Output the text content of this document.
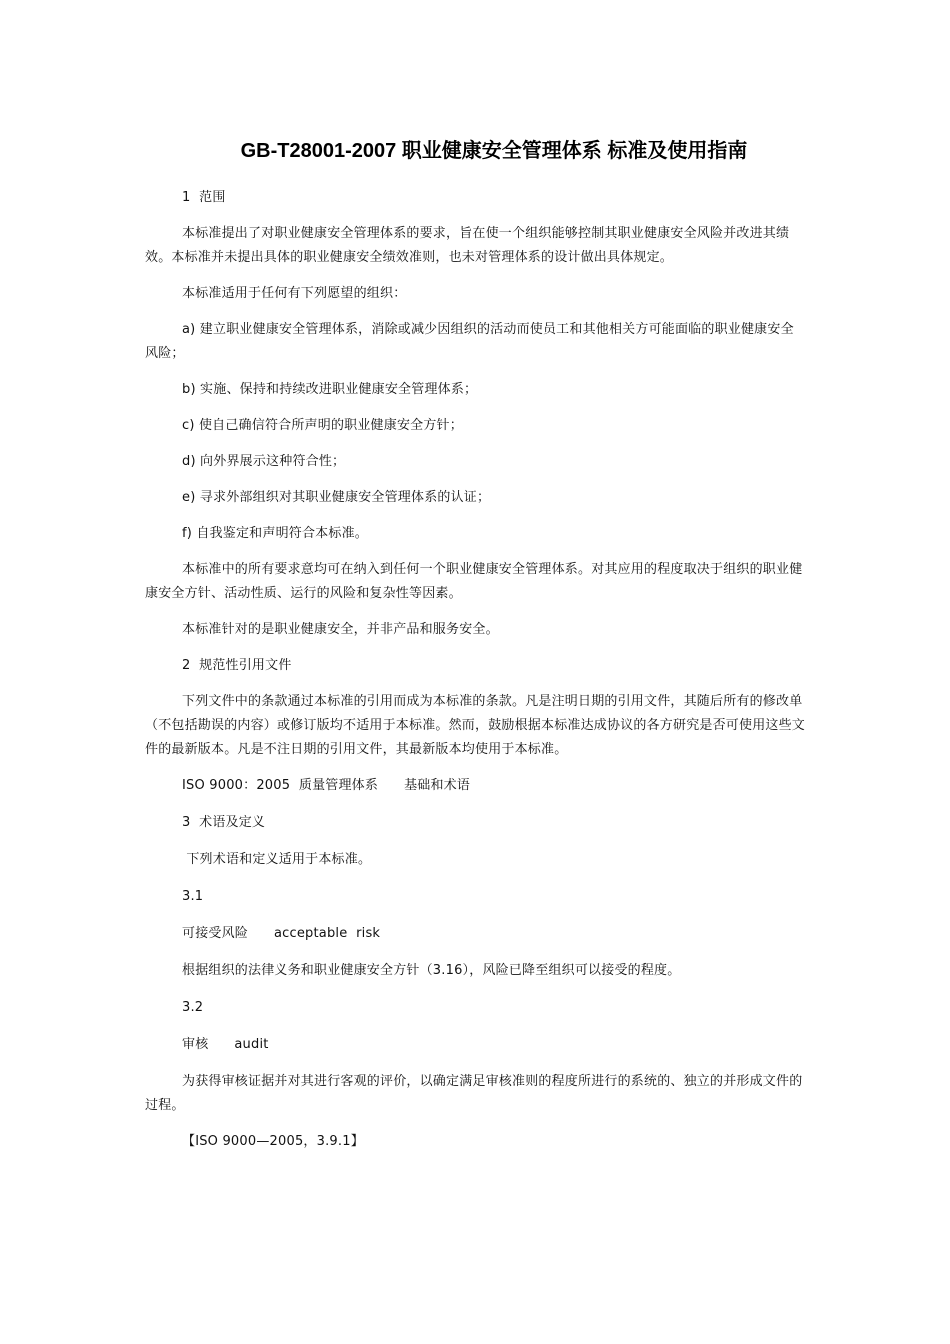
GB-T28001-2007 职业健康安全管理体系 标准及使用指南

1  范围

本标准提出了对职业健康安全管理体系的要求，旨在使一个组织能够控制其职业健康安全风险并改进其绩效。本标准并未提出具体的职业健康安全绩效准则，也未对管理体系的设计做出具体规定。

本标准适用于任何有下列愿望的组织：

a) 建立职业健康安全管理体系，消除或减少因组织的活动而使员工和其他相关方可能面临的职业健康安全风险；

b) 实施、保持和持续改进职业健康安全管理体系；

c) 使自己确信符合所声明的职业健康安全方针；

d) 向外界展示这种符合性；

e) 寻求外部组织对其职业健康安全管理体系的认证；

f) 自我鉴定和声明符合本标准。

本标准中的所有要求意均可在纳入到任何一个职业健康安全管理体系。对其应用的程度取决于组织的职业健康安全方针、活动性质、运行的风险和复杂性等因素。

本标准针对的是职业健康安全，并非产品和服务安全。

2  规范性引用文件

下列文件中的条款通过本标准的引用而成为本标准的条款。凡是注明日期的引用文件，其随后所有的修改单（不包括勘误的内容）或修订版均不适用于本标准。然而，鼓励根据本标准达成协议的各方研究是否可使用这些文件的最新版本。凡是不注日期的引用文件，其最新版本均使用于本标准。

ISO 9000：2005  质量管理体系      基础和术语

3  术语及定义

下列术语和定义适用于本标准。

3.1

可接受风险      acceptable  risk

根据组织的法律义务和职业健康安全方针（3.16），风险已降至组织可以接受的程度。

3.2

审核      audit

为获得审核证据并对其进行客观的评价，以确定满足审核准则的程度所进行的系统的、独立的并形成文件的过程。

【ISO 9000—2005，3.9.1】
